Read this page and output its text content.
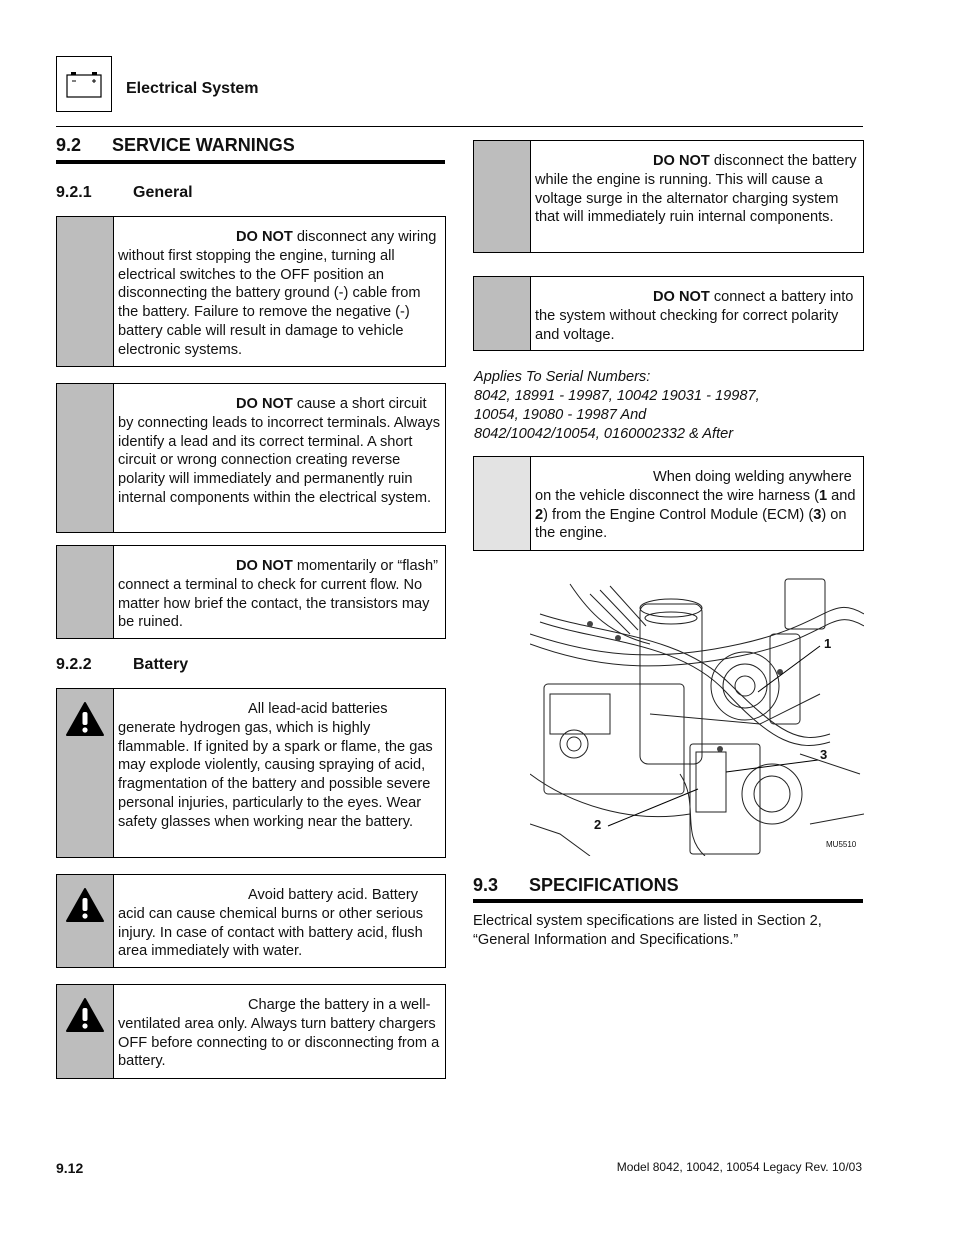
Electrical System
9.2 SERVICE WARNINGS
9.2.1	General
DO NOT disconnect any wiring without first stopping the engine, turning all electrical switches to the OFF position an disconnecting the battery ground (-) cable from the battery. Failure to remove the negative (-) battery cable will result in damage to vehicle electronic systems.
DO NOT cause a short circuit by connecting leads to incorrect terminals. Always identify a lead and its correct terminal. A short circuit or wrong connection creating reverse polarity will immediately and permanently ruin internal components within the electrical system.
DO NOT momentarily or “flash” connect a terminal to check for current flow. No matter how brief the contact, the transistors may be ruined.
9.2.2	Battery
All lead-acid batteries generate hydrogen gas, which is highly flammable. If ignited by a spark or flame, the gas may explode violently, causing spraying of acid, fragmentation of the battery and possible severe personal injuries, particularly to the eyes. Wear safety glasses when working near the battery.
Avoid battery acid. Battery acid can cause chemical burns or other serious injury. In case of contact with battery acid, flush area immediately with water.
Charge the battery in a well-ventilated area only. Always turn battery chargers OFF before connecting to or disconnecting from a battery.
DO NOT disconnect the battery while the engine is running. This will cause a voltage surge in the alternator charging system that will immediately ruin internal components.
DO NOT connect a battery into the system without checking for correct polarity and voltage.
Applies To Serial Numbers:
8042, 18991 - 19987, 10042 19031 - 19987,
10054, 19080 - 19987 And
8042/10042/10054, 0160002332 & After
When doing welding anywhere on the vehicle disconnect the wire harness (1 and 2) from the Engine Control Module (ECM) (3) on the engine.
1
3
2
MU5510
9.3 SPECIFICATIONS
Electrical system specifications are listed in Section 2, “General Information and Specifications.”
9.12	Model 8042, 10042, 10054 Legacy Rev. 10/03
